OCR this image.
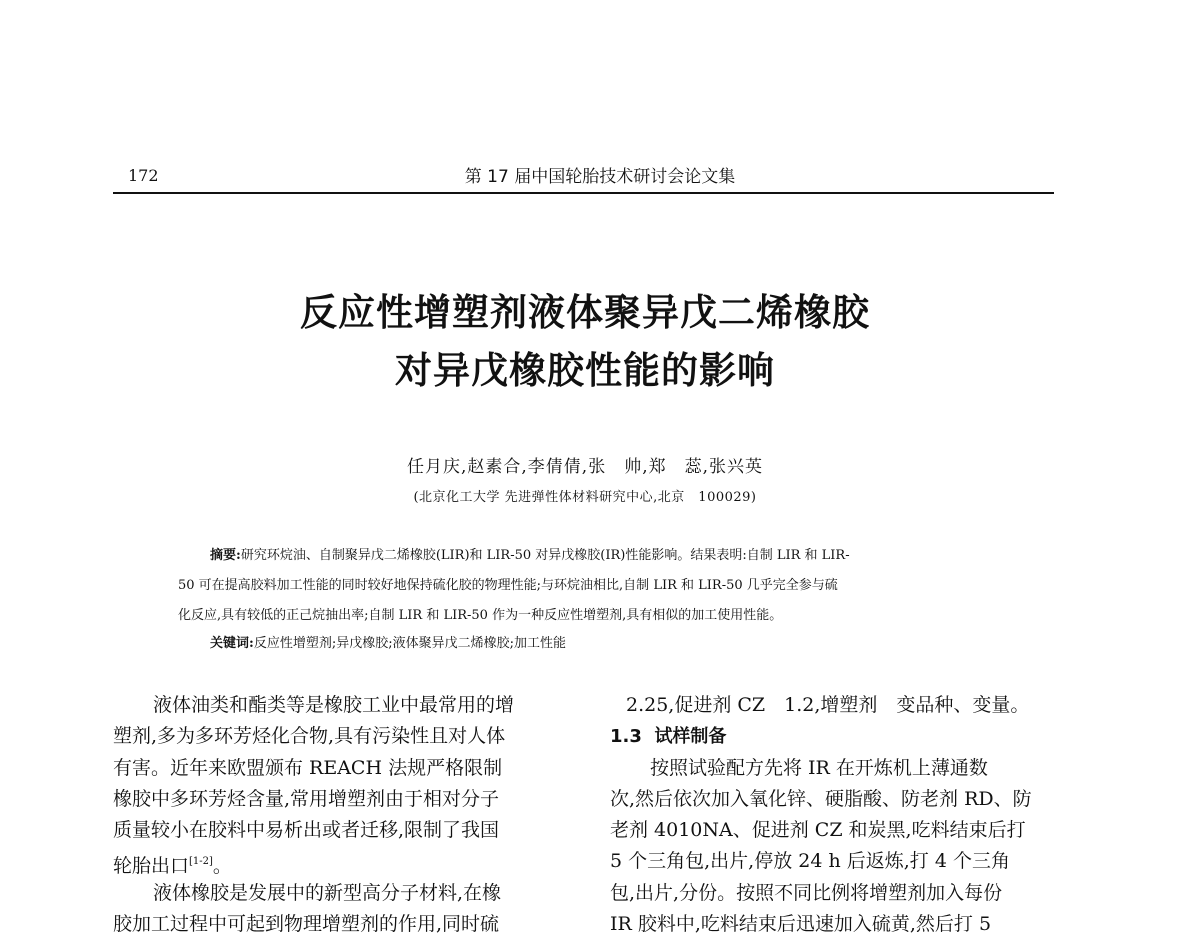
172	第 17 届中国轮胎技术研讨会论文集
反应性增塑剂液体聚异戊二烯橡胶
对异戊橡胶性能的影响
任月庆,赵素合,李倩倩,张　帅,郑　蕊,张兴英
(北京化工大学 先进弹性体材料研究中心,北京　100029)
摘要:研究环烷油、自制聚异戊二烯橡胶(LIR)和 LIR-50 对异戊橡胶(IR)性能影响。结果表明:自制 LIR 和 LIR-
50 可在提高胶料加工性能的同时较好地保持硫化胶的物理性能;与环烷油相比,自制 LIR 和 LIR-50 几乎完全参与硫
化反应,具有较低的正己烷抽出率;自制 LIR 和 LIR-50 作为一种反应性增塑剂,具有相似的加工使用性能。
关键词:反应性增塑剂;异戊橡胶;液体聚异戊二烯橡胶;加工性能
液体油类和酯类等是橡胶工业中最常用的增
塑剂,多为多环芳烃化合物,具有污染性且对人体
有害。近年来欧盟颁布 REACH 法规严格限制
橡胶中多环芳烃含量,常用增塑剂由于相对分子
质量较小在胶料中易析出或者迁移,限制了我国
轮胎出口[1-2]。
液体橡胶是发展中的新型高分子材料,在橡
胶加工过程中可起到物理增塑剂的作用,同时硫
2.25,促进剂 CZ　1.2,增塑剂　变品种、变量。
1.3 试样制备
按照试验配方先将 IR 在开炼机上薄通数
次,然后依次加入氧化锌、硬脂酸、防老剂 RD、防
老剂 4010NA、促进剂 CZ 和炭黑,吃料结束后打
5 个三角包,出片,停放 24 h 后返炼,打 4 个三角
包,出片,分份。按照不同比例将增塑剂加入每份
IR 胶料中,吃料结束后迅速加入硫黄,然后打 5
